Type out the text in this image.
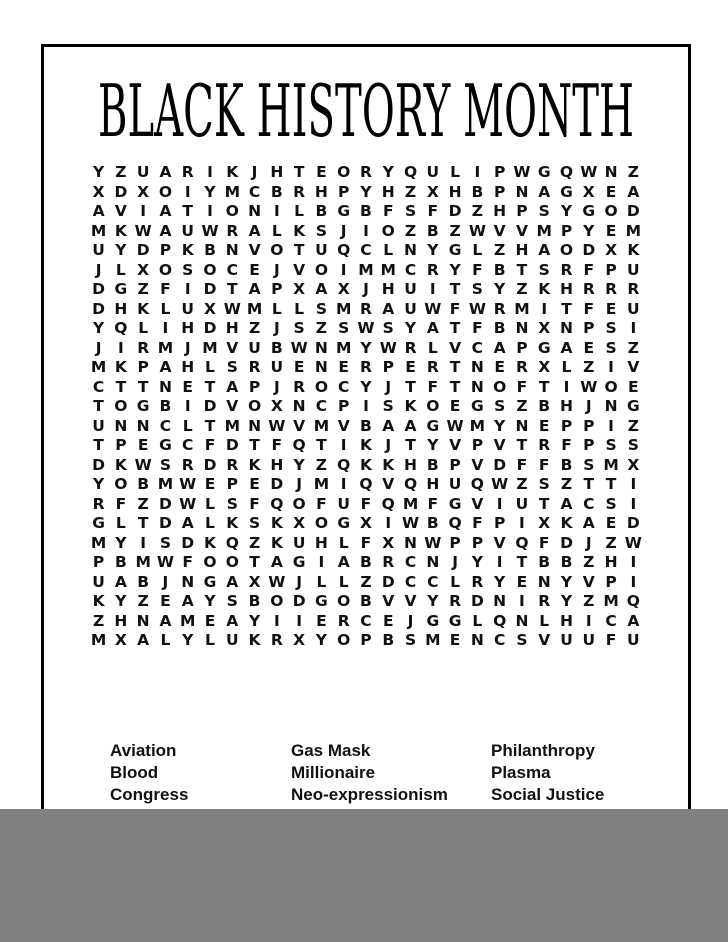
BLACK HISTORY MONTH
Y Z U A R I K J H T E O R Y Q U L I P W G Q W N Z
X D X O I Y M C B R H P Y H Z X H B P N A G X E A
A V I A T I O N I L B G B F S F D Z H P S Y G O D
M K W A U W R A L K S J	I O Z B Z W V V M P Y E M
U Y D P K B N V O T U Q C L N Y G L Z H A O D X K
J L X O S O C E J V O I M M C R Y F B T S R F P U
D G Z F I D T A P X A X J H U I T S Y Z K H R R R
D H K L U X W M L L S M R A U W F W R M I T F E U
Y Q L I H D H Z J S Z S W S Y A T F B N X N P S I
J	I R M J M V U B W N M Y W R L V C A P G A E S Z
M K P A H L S R U E N E R P E R T N E R X L Z I V
C T T N E T A P J R O C Y J T F T N O F T I W O E
T O G B I D V O X N C P I S K O E G S Z B H J N G
U N N C L T M N W V M V B A A G W M Y N E P P I Z
T P E G C F D T F Q T I K J T Y V P V T R F P S S
D K W S R D R K H Y Z Q K K H B P V D F F B S M X
Y O B M W E P E D J M I Q V Q H U Q W Z S Z T T I
R F Z D W L S F Q O F U F Q M F G V I U T A C S I
G L T D A L K S K X O G X I W B Q F P I X K A E D
M Y I S D K Q Z K U H L F X N W P P V Q F D J Z W
P B M W F O O T A G I A B R C N J Y I T B B Z H I
U A B J N G A X W J L L Z D C C L R Y E N Y V P I
K Y Z E A Y S B O D G O B V V Y R D N I R Y Z M Q
Z H N A M E A Y I	I E R C E J G G L Q N L H I C A
M X A L Y L U K R X Y O P B S M E N C S V U U F U
Aviation	Gas Mask	Philanthropy
Blood	Millionaire	Plasma
Congress	Neo-expressionism	Social Justice
